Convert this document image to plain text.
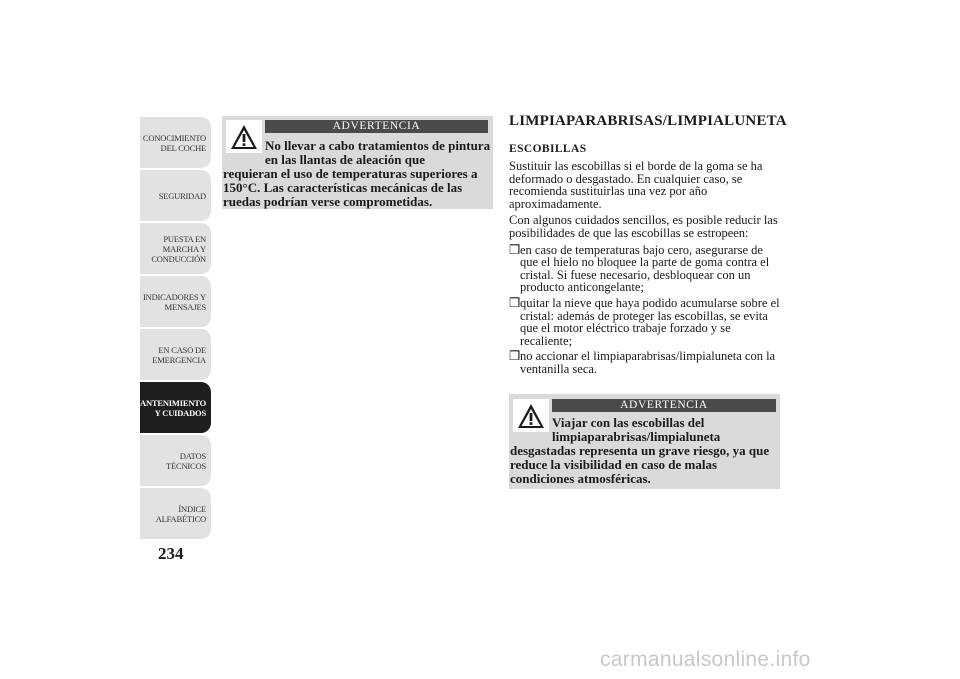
CONOCIMIENTO
DEL COCHE
SEGURIDAD
PUESTA EN
MARCHA Y
CONDUCCIÓN
INDICADORES Y
MENSAJES
EN CASO DE
EMERGENCIA
MANTENIMIENTO
Y CUIDADOS
DATOS TÉCNICOS
ÍNDICE
ALFABÉTICO
234
ADVERTENCIA
No llevar a cabo tratamientos de pintura en las llantas de aleación que
requieran el uso de temperaturas superiores a 150°C. Las características mecánicas de las ruedas podrían verse comprometidas.
LIMPIAPARABRISAS/LIMPIALUNETA
ESCOBILLAS

Sustituir las escobillas si el borde de la goma se ha deformado o desgastado. En cualquier caso, se recomienda sustituirlas una vez por año aproximadamente.

Con algunos cuidados sencillos, es posible reducir las posibilidades de que las escobillas se estropeen:

❒ en caso de temperaturas bajo cero, asegurarse de que el hielo no bloquee la parte de goma contra el cristal. Si fuese necesario, desbloquear con un producto anticongelante;
❒ quitar la nieve que haya podido acumularse sobre el cristal: además de proteger las escobillas, se evita que el motor eléctrico trabaje forzado y se recaliente;
❒ no accionar el limpiaparabrisas/limpialuneta con la ventanilla seca.
ADVERTENCIA
Viajar con las escobillas del limpiaparabrisas/limpialuneta
desgastadas representa un grave riesgo, ya que reduce la visibilidad en caso de malas condiciones atmosféricas.
carmanualsonline.info
